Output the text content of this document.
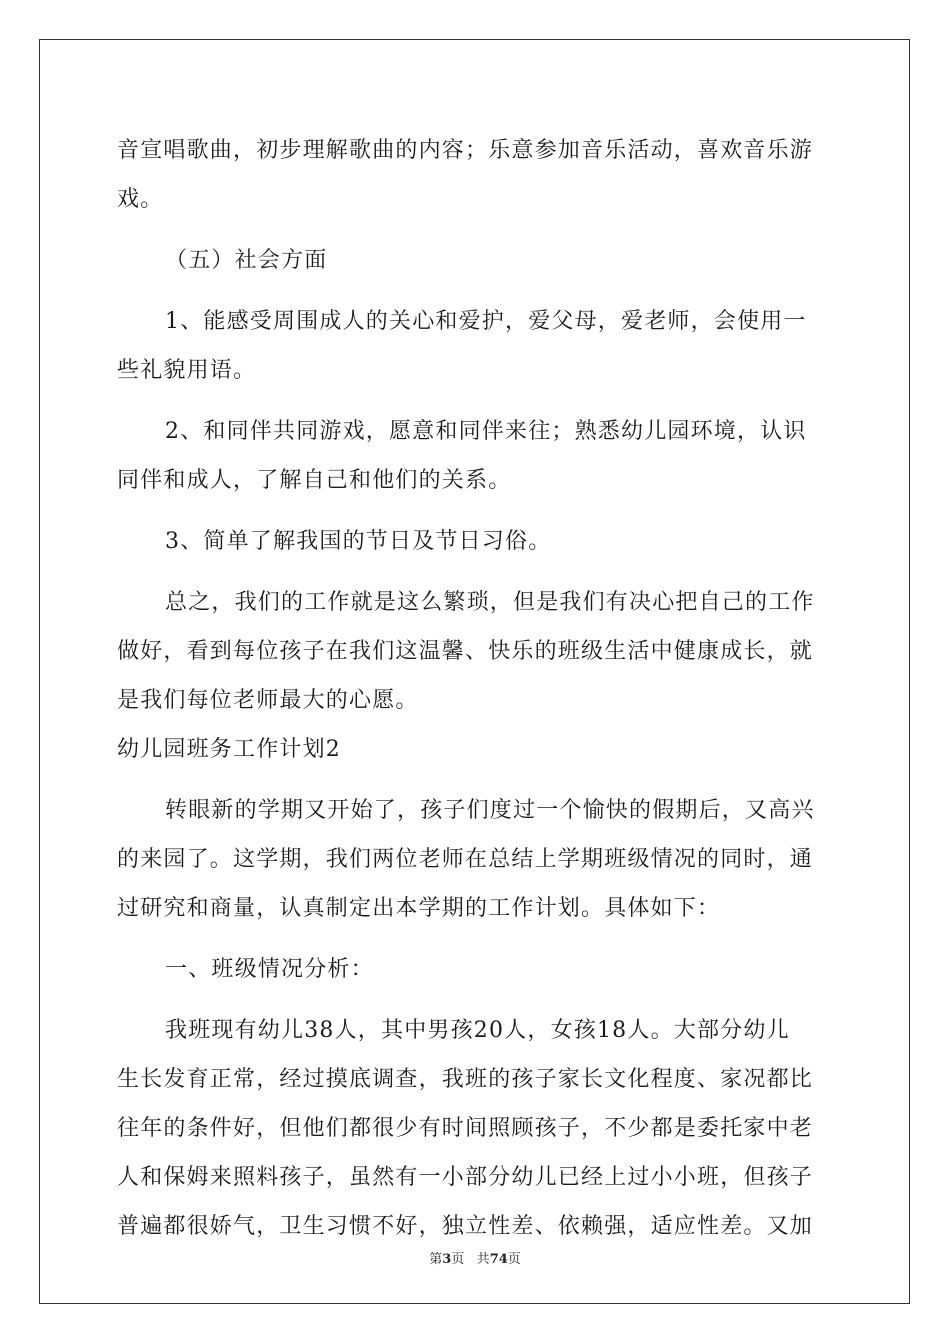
音宣唱歌曲，初步理解歌曲的内容；乐意参加音乐活动，喜欢音乐游
戏。
（五）社会方面
1、能感受周围成人的关心和爱护，爱父母，爱老师，会使用一
些礼貌用语。
2、和同伴共同游戏，愿意和同伴来往；熟悉幼儿园环境，认识
同伴和成人，了解自己和他们的关系。
3、简单了解我国的节日及节日习俗。
总之，我们的工作就是这么繁琐，但是我们有决心把自己的工作
做好，看到每位孩子在我们这温馨、快乐的班级生活中健康成长，就
是我们每位老师最大的心愿。
幼儿园班务工作计划2
转眼新的学期又开始了，孩子们度过一个愉快的假期后，又高兴
的来园了。这学期，我们两位老师在总结上学期班级情况的同时，通
过研究和商量，认真制定出本学期的工作计划。具体如下：
一、班级情况分析：
我班现有幼儿38人，其中男孩20人，女孩18人。大部分幼儿
生长发育正常，经过摸底调查，我班的孩子家长文化程度、家况都比
往年的条件好，但他们都很少有时间照顾孩子，不少都是委托家中老
人和保姆来照料孩子，虽然有一小部分幼儿已经上过小小班，但孩子
普遍都很娇气，卫生习惯不好，独立性差、依赖强，适应性差。又加
第3页 共74页
